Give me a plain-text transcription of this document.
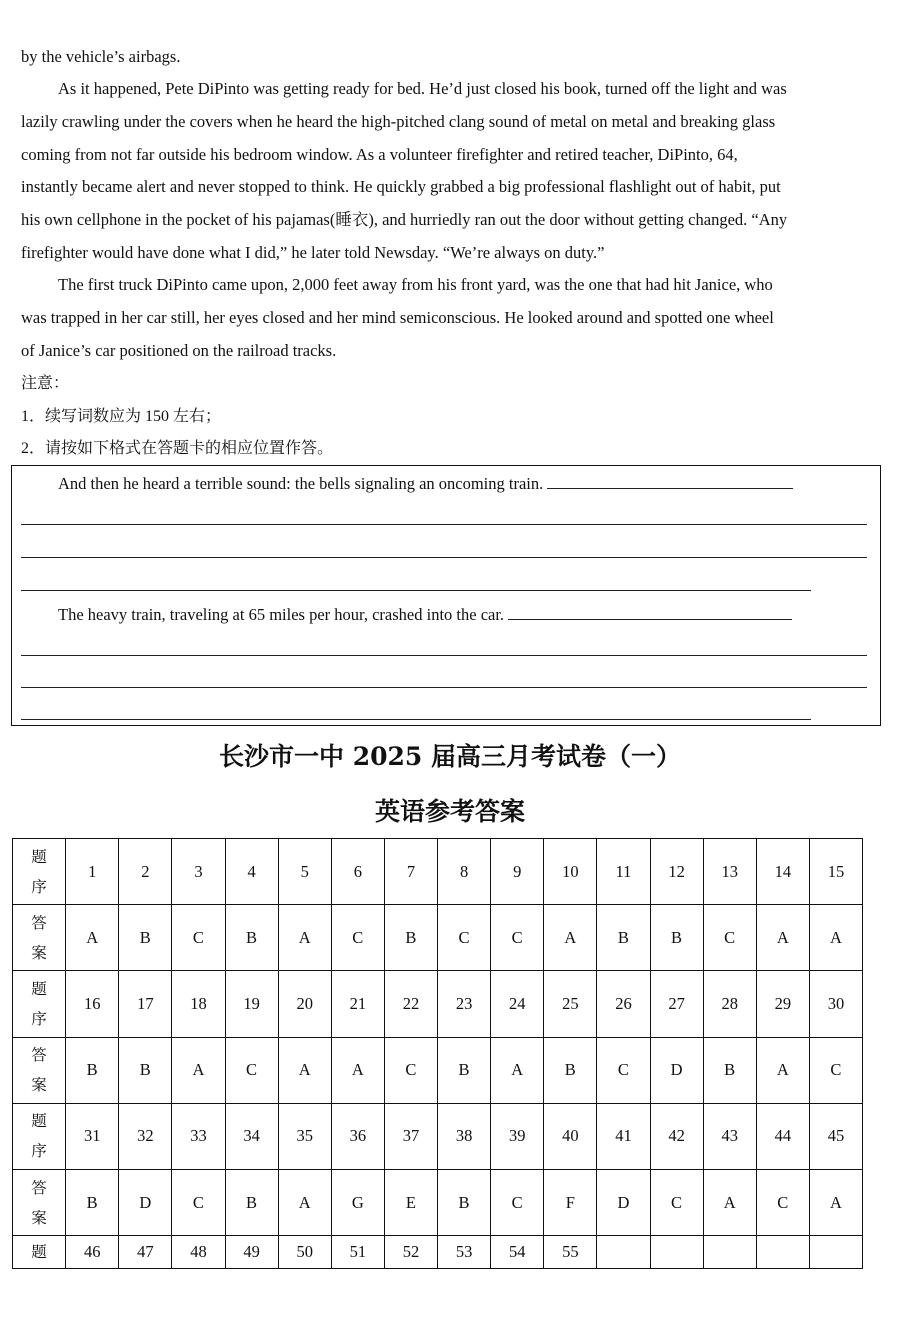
by the vehicle’s airbags.
As it happened, Pete DiPinto was getting ready for bed. He’d just closed his book, turned off the light and was
lazily crawling under the covers when he heard the high-pitched clang sound of metal on metal and breaking glass
coming from not far outside his bedroom window. As a volunteer firefighter and retired teacher, DiPinto, 64,
instantly became alert and never stopped to think. He quickly grabbed a big professional flashlight out of habit, put
his own cellphone in the pocket of his pajamas(睡衣), and hurriedly ran out the door without getting changed. “Any
firefighter would have done what I did,” he later told Newsday. “We’re always on duty.”
The first truck DiPinto came upon, 2,000 feet away from his front yard, was the one that had hit Janice, who
was trapped in her car still, her eyes closed and her mind semiconscious. He looked around and spotted one wheel
of Janice’s car positioned on the railroad tracks.
注意：
1．续写词数应为 150 左右；
2．请按如下格式在答题卡的相应位置作答。
And then he heard a terrible sound: the bells signaling an oncoming train.
The heavy train, traveling at 65 miles per hour, crashed into the car.
长沙市一中 2025 届高三月考试卷（一）
英语参考答案
题
序	1	2	3	4	5	6	7	8	9	10	11	12	13	14	15

答
案	A	B	C	B	A	C	B	C	C	A	B	B	C	A	A

题
序	16	17	18	19	20	21	22	23	24	25	26	27	28	29	30

答
案	B	B	A	C	A	A	C	B	A	B	C	D	B	A	C

题
序	31	32	33	34	35	36	37	38	39	40	41	42	43	44	45

答
案	B	D	C	B	A	G	E	B	C	F	D	C	A	C	A
题	46	47	48	49	50	51	52	53	54	55					
